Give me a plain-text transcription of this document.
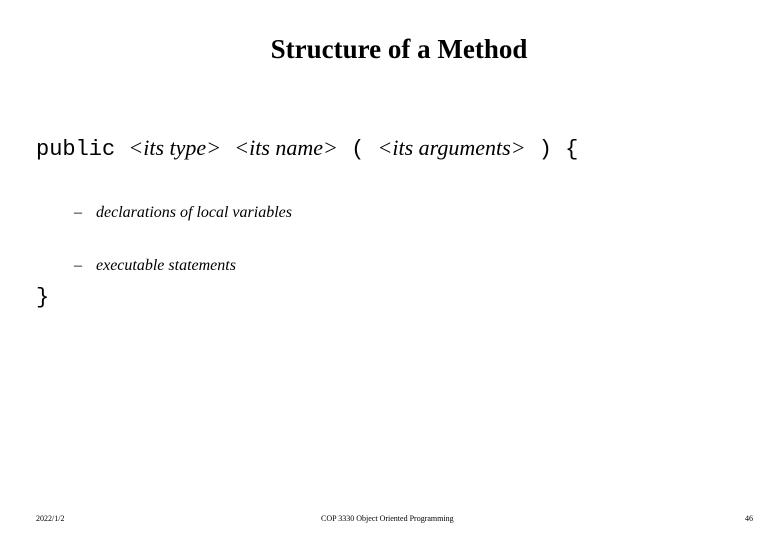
Structure of a Method
public <its type> <its name> ( <its arguments> ) {
– declarations of local variables
– executable statements
}
2022/1/2	COP 3330 Object Oriented Programming	46
